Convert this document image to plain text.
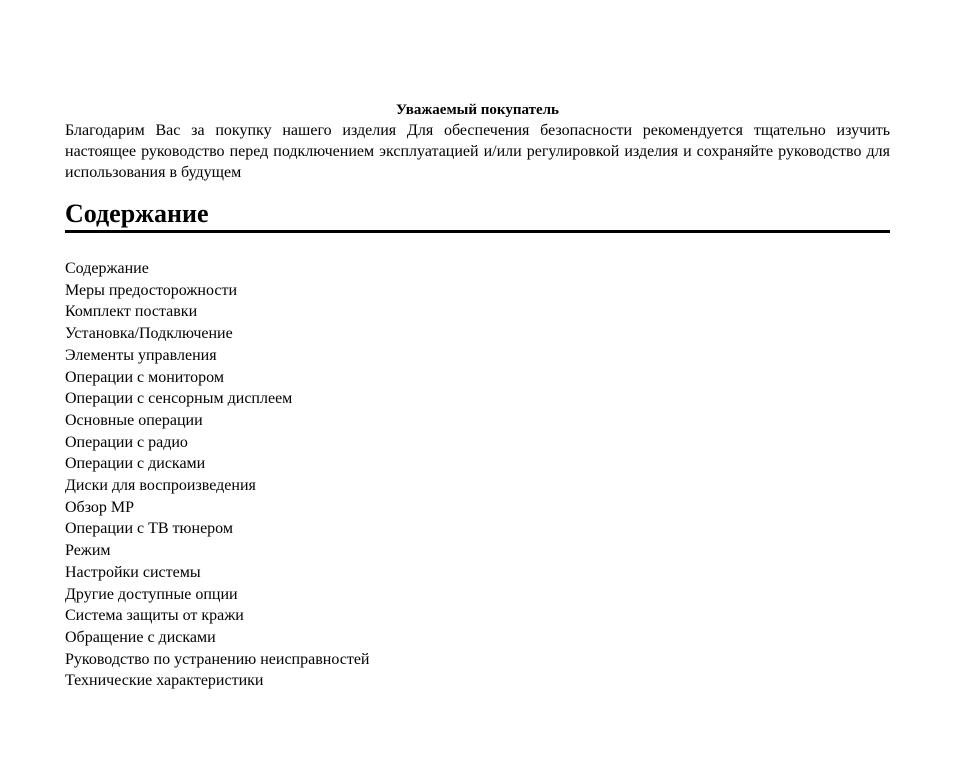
Уважаемый покупатель

Благодарим Вас за покупку нашего изделия Для обеспечения безопасности рекомендуется тщательно изучить настоящее руководство перед подключением эксплуатацией и/или регулировкой изделия и сохраняйте руководство для использования в будущем

Содержание
Содержание
Меры предосторожности
Комплект поставки
Установка/Подключение
Элементы управления
Операции с монитором
Операции с сенсорным дисплеем
Основные операции
Операции с радио
Операции с дисками
Диски для воспроизведения
Обзор МР
Операции с ТВ тюнером
Режим
Настройки системы
Другие доступные опции
Система защиты от кражи
Обращение с дисками
Руководство по устранению неисправностей
Технические характеристики
